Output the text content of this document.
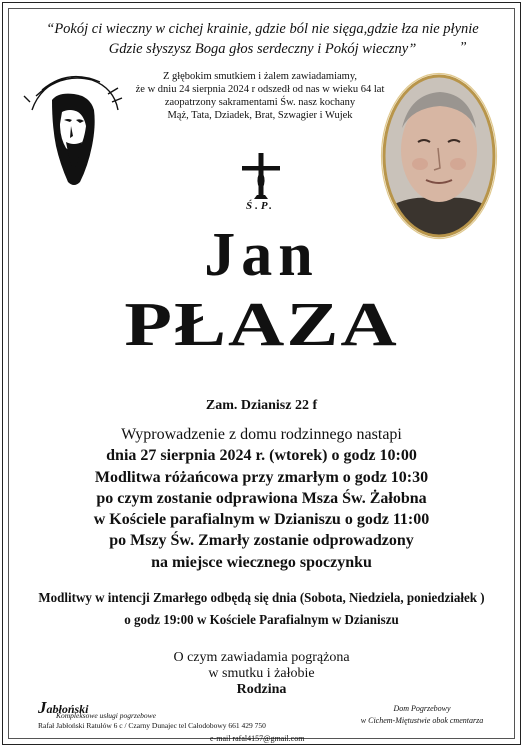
“Pokój ci wieczny w cichej krainie, gdzie ból nie sięga,gdzie łza nie płynie
Gdzie słyszysz Boga głos serdeczny i Pokój wieczny”	”
Z głębokim smutkiem i żalem zawiadamiamy,
że w dniu 24 sierpnia 2024 r odszedł od nas w wieku 64 lat
zaopatrzony sakramentami Św. nasz kochany
Mąż, Tata, Dziadek, Brat, Szwagier i Wujek
Ś.P.
Jan
PŁAZA
Zam. Dzianisz 22 f
Wyprowadzenie z domu rodzinnego nastapi
dnia 27 sierpnia 2024 r. (wtorek) o godz 10:00
Modlitwa różańcowa przy zmarłym o godz 10:30
po czym zostanie odprawiona Msza Św. Żałobna
w Kościele parafialnym w Dzianiszu o godz 11:00
po Mszy Św. Zmarły zostanie odprowadzony
na miejsce wiecznego spoczynku
Modlitwy w intencji Zmarłego odbędą się dnia (Sobota, Niedziela, poniedziałek )
o godz 19:00 w Kościele Parafialnym w Dzianiszu
O czym zawiadamia pogrążona
w smutku i żałobie
Rodzina
Jabłoński
Kompleksowe usługi pogrzebowe
Rafał Jabłoński Ratułów 6 c / Czarny Dunajec tel Całodobowy 661 429 750
e-mail rafal4157@gmail.com
Dom Pogrzebowy
w Cichem-Miętustwie obok cmentarza
